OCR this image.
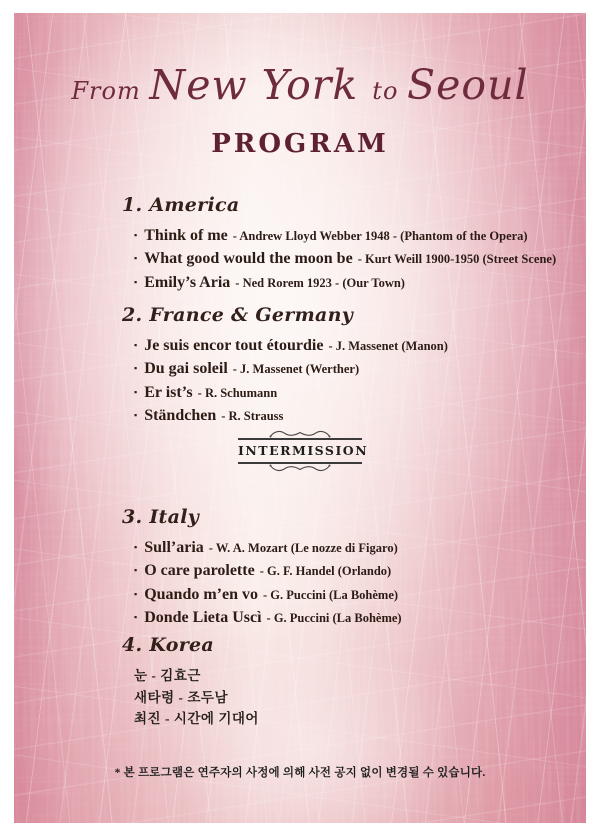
From New York to Seoul
PROGRAM
1. America
▪ Think of me - Andrew Lloyd Webber 1948 - (Phantom of the Opera)
▪ What good would the moon be - Kurt Weill 1900-1950 (Street Scene)
▪ Emily’s Aria - Ned Rorem 1923 - (Our Town)
2. France & Germany
▪ Je suis encor tout étourdie - J. Massenet (Manon)
▪ Du gai soleil - J. Massenet (Werther)
▪ Er ist’s - R. Schumann
▪ Ständchen - R. Strauss
INTERMISSION
3. Italy
▪ Sull’aria - W. A. Mozart (Le nozze di Figaro)
▪ O care parolette - G. F. Handel (Orlando)
▪ Quando m’en vo - G. Puccini (La Bohème)
▪ Donde Lieta Uscì - G. Puccini (La Bohème)
4. Korea
눈 - 김효근
새타령 - 조두남
최진 - 시간에 기대어
* 본 프로그램은 연주자의 사정에 의해 사전 공지 없이 변경될 수 있습니다.
